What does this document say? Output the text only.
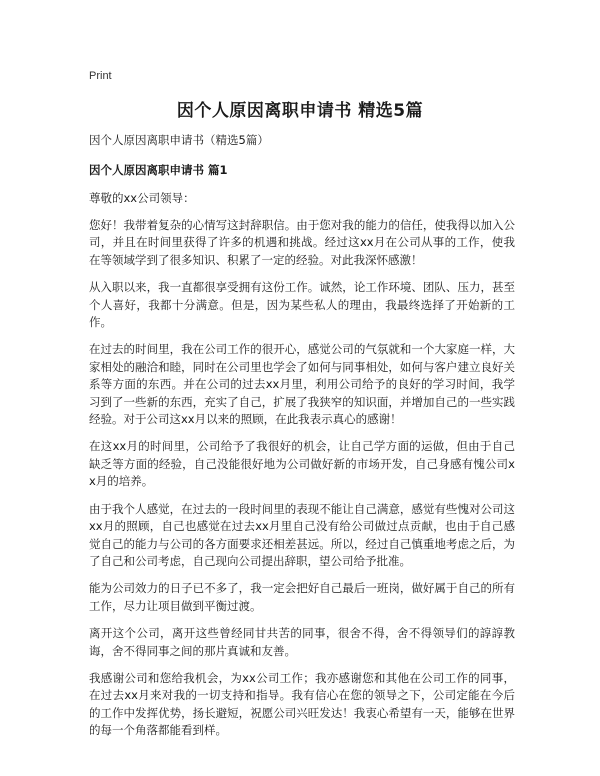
Print
因个人原因离职申请书 精选5篇

因个人原因离职申请书（精选5篇）

因个人原因离职申请书 篇1

尊敬的xx公司领导：

您好！我带着复杂的心情写这封辞职信。由于您对我的能力的信任，使我得以加入公司，并且在时间里获得了许多的机遇和挑战。经过这xx月在公司从事的工作，使我在等领域学到了很多知识、积累了一定的经验。对此我深怀感激！

从入职以来，我一直都很享受拥有这份工作。诚然，论工作环境、团队、压力，甚至个人喜好，我都十分满意。但是，因为某些私人的理由，我最终选择了开始新的工作。

在过去的时间里，我在公司工作的很开心，感觉公司的气氛就和一个大家庭一样，大家相处的融洽和睦，同时在公司里也学会了如何与同事相处，如何与客户建立良好关系等方面的东西。并在公司的过去xx月里，利用公司给予的良好的学习时间，我学习到了一些新的东西，充实了自己，扩展了我狭窄的知识面，并增加自己的一些实践经验。对于公司这xx月以来的照顾，在此我表示真心的感谢！

在这xx月的时间里，公司给予了我很好的机会，让自己学方面的运做，但由于自己缺乏等方面的经验，自己没能很好地为公司做好新的市场开发，自己身感有愧公司xx月的培养。

由于我个人感觉，在过去的一段时间里的表现不能让自己满意，感觉有些愧对公司这xx月的照顾，自己也感觉在过去xx月里自己没有给公司做过点贡献，也由于自己感觉自己的能力与公司的各方面要求还相差甚远。所以，经过自己慎重地考虑之后，为了自己和公司考虑，自己现向公司提出辞职，望公司给予批准。

能为公司效力的日子已不多了，我一定会把好自己最后一班岗，做好属于自己的所有工作，尽力让项目做到平衡过渡。

离开这个公司，离开这些曾经同甘共苦的同事，很舍不得，舍不得领导们的諄諄教诲，舍不得同事之间的那片真诚和友善。

我感谢公司和您给我机会，为xx公司工作；我亦感谢您和其他在公司工作的同事，在过去xx月来对我的一切支持和指导。我有信心在您的领导之下，公司定能在今后的工作中发挥优势，扬长避短，祝愿公司兴旺发达！我衷心希望有一天，能够在世界的每一个角落都能看到样。
